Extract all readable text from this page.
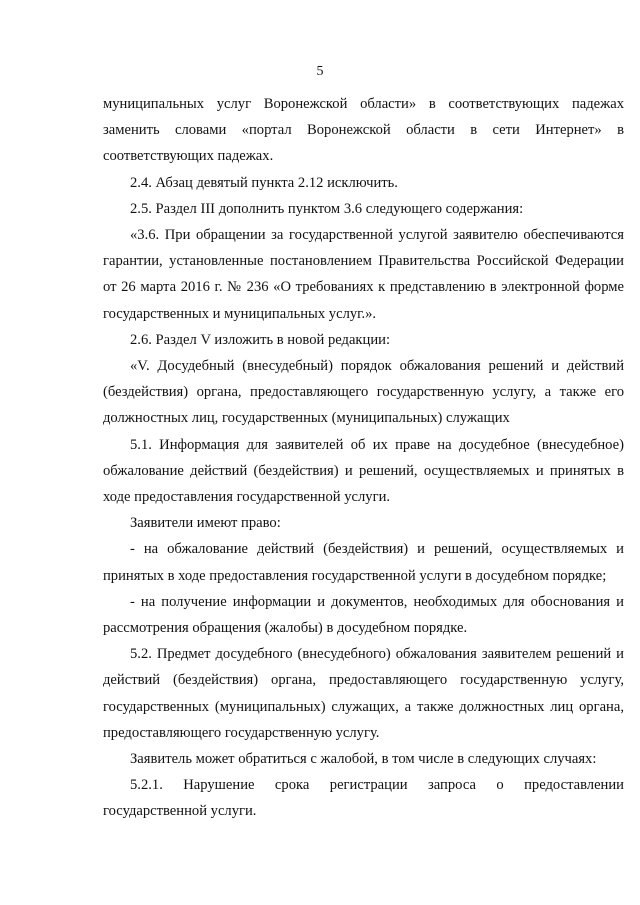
5

муниципальных услуг Воронежской области» в соответствующих падежах заменить словами «портал Воронежской области в сети Интернет» в соответствующих падежах.

2.4. Абзац девятый пункта 2.12 исключить.

2.5. Раздел III дополнить пунктом 3.6 следующего содержания:

«3.6. При обращении за государственной услугой заявителю обеспечиваются гарантии, установленные постановлением Правительства Российской Федерации от 26 марта 2016 г. № 236 «О требованиях к представлению в электронной форме государственных и муниципальных услуг.».

2.6. Раздел V изложить в новой редакции:

«V. Досудебный (внесудебный) порядок обжалования решений и действий (бездействия) органа, предоставляющего государственную услугу, а также его должностных лиц, государственных (муниципальных) служащих

5.1. Информация для заявителей об их праве на досудебное (внесудебное) обжалование действий (бездействия) и решений, осуществляемых и принятых в ходе предоставления государственной услуги.

Заявители имеют право:

- на обжалование действий (бездействия) и решений, осуществляемых и принятых в ходе предоставления государственной услуги в досудебном порядке;

- на получение информации и документов, необходимых для обоснования и рассмотрения обращения (жалобы) в досудебном порядке.

5.2. Предмет досудебного (внесудебного) обжалования заявителем решений и действий (бездействия) органа, предоставляющего государственную услугу, государственных (муниципальных) служащих, а также должностных лиц органа, предоставляющего государственную услугу.

Заявитель может обратиться с жалобой, в том числе в следующих случаях:

5.2.1. Нарушение срока регистрации запроса о предоставлении государственной услуги.
